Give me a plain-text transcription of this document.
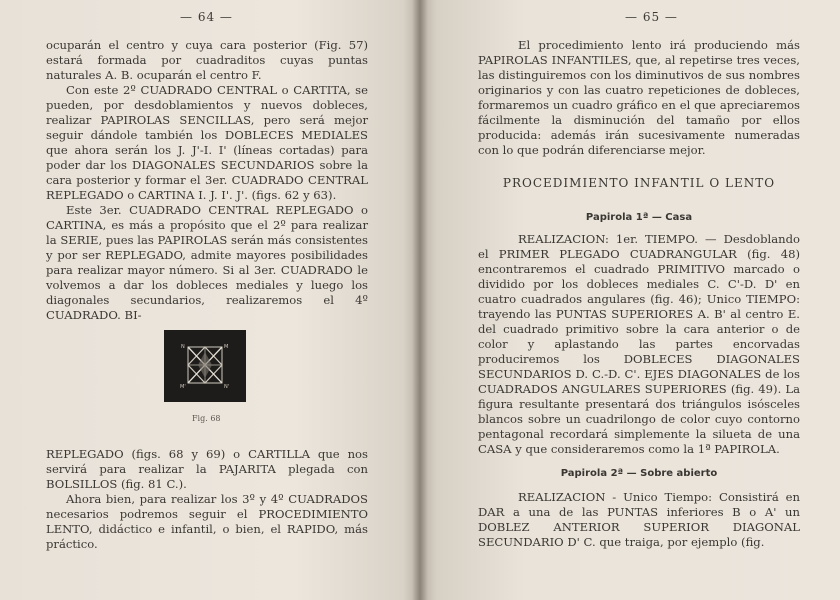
— 64 —

ocuparán el centro y cuya cara posterior (Fig. 57) estará formada por cuadraditos cuyas puntas naturales A. B. ocuparán el centro F.

Con este 2º CUADRADO CENTRAL o CARTITA, se pueden, por desdoblamientos y nuevos dobleces, realizar PAPIROLAS SENCILLAS, pero será mejor seguir dándole también los DOBLECES MEDIALES que ahora serán los J. J'-I. I' (líneas cortadas) para poder dar los DIAGONALES SECUNDARIOS sobre la cara posterior y formar el 3er. CUADRADO CENTRAL REPLEGADO o CARTINA I. J. I'. J'. (figs. 62 y 63).

Este 3er. CUADRADO CENTRAL REPLEGADO o CARTINA, es más a propósito que el 2º para realizar la SERIE, pues las PAPIROLAS serán más consistentes y por ser REPLEGADO, admite mayores posibilidades para realizar mayor número. Si al 3er. CUADRADO le volvemos a dar los dobleces mediales y luego los diagonales secundarios, realizaremos el 4º CUADRADO. BI-

N	M
N'
M'
Fig. 68

REPLEGADO (figs. 68 y 69) o CARTILLA que nos servirá para realizar la PAJARITA plegada con BOLSILLOS (fig. 81 C.).

Ahora bien, para realizar los 3º y 4º CUADRADOS necesarios podremos seguir el PROCEDIMIENTO LENTO, didáctico e infantil, o bien, el RAPIDO, más práctico.

— 65 —

El procedimiento lento irá produciendo más PAPIROLAS INFANTILES, que, al repetirse tres veces, las distinguiremos con los diminutivos de sus nombres originarios y con las cuatro repeticiones de dobleces, formaremos un cuadro gráfico en el que apreciaremos fácilmente la disminución del tamaño por ellos producida: además irán sucesivamente numeradas con lo que podrán diferenciarse mejor.

PROCEDIMIENTO INFANTIL O LENTO
Papirola 1ª — Casa

REALIZACION: 1er. TIEMPO. — Desdoblando el PRIMER PLEGADO CUADRANGULAR (fig. 48) encontraremos el cuadrado PRIMITIVO marcado o dividido por los dobleces mediales C. C'-D. D' en cuatro cuadrados angulares (fig. 46); Unico TIEMPO: trayendo las PUNTAS SUPERIORES A. B' al centro E. del cuadrado primitivo sobre la cara anterior o de color y aplastando las partes encorvadas produciremos los DOBLECES DIAGONALES SECUNDARIOS D. C.-D. C'. EJES DIAGONALES de los CUADRADOS ANGULARES SUPERIORES (fig. 49). La figura resultante presentará dos triángulos isósceles blancos sobre un cuadrilongo de color cuyo contorno pentagonal recordará simplemente la silueta de una CASA y que consideraremos como la 1ª PAPIROLA.

Papirola 2ª — Sobre abierto

REALIZACION - Unico Tiempo: Consistirá en DAR a una de las PUNTAS inferiores B o A' un DOBLEZ ANTERIOR SUPERIOR DIAGONAL SECUNDARIO D' C. que traiga, por ejemplo (fig.
